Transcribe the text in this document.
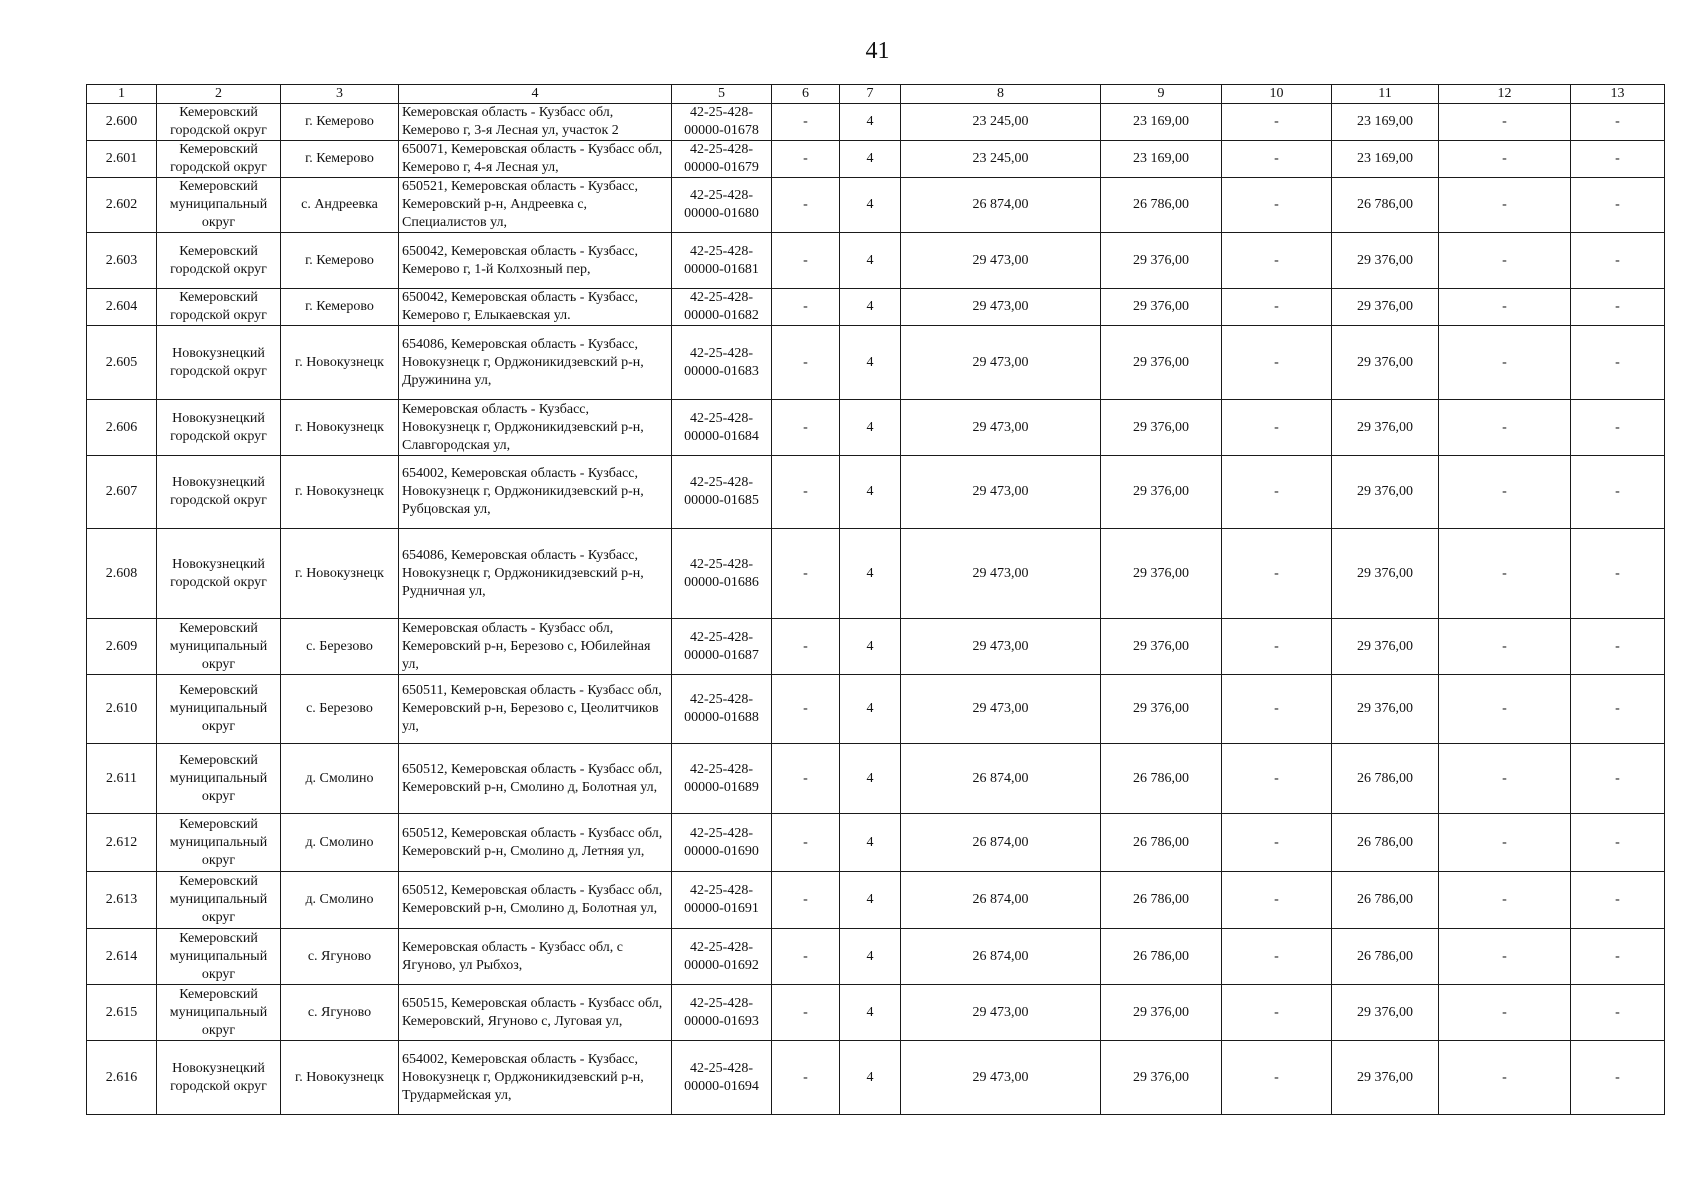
41
1	2	3	4	5	6	7	8	9	10	11	12	13
2.600	Кемеровский городской округ	г. Кемерово	Кемеровская область - Кузбасс обл, Кемерово г, 3-я Лесная ул, участок 2	42-25-428-00000-01678	-	4	23 245,00	23 169,00	-	23 169,00	-	-
2.601	Кемеровский городской округ	г. Кемерово	650071, Кемеровская область - Кузбасс обл, Кемерово г, 4-я Лесная ул,	42-25-428-00000-01679	-	4	23 245,00	23 169,00	-	23 169,00	-	-
2.602	Кемеровский муниципальный округ	с. Андреевка	650521, Кемеровская область - Кузбасс, Кемеровский р-н, Андреевка с, Специалистов ул,	42-25-428-00000-01680	-	4	26 874,00	26 786,00	-	26 786,00	-	-
2.603	Кемеровский городской округ	г. Кемерово	650042, Кемеровская область - Кузбасс, Кемерово г, 1-й Колхозный пер,	42-25-428-00000-01681	-	4	29 473,00	29 376,00	-	29 376,00	-	-
2.604	Кемеровский городской округ	г. Кемерово	650042, Кемеровская область - Кузбасс, Кемерово г, Елыкаевская ул.	42-25-428-00000-01682	-	4	29 473,00	29 376,00	-	29 376,00	-	-
2.605	Новокузнецкий городской округ	г. Новокузнецк	654086, Кемеровская область - Кузбасс, Новокузнецк г, Орджоникидзевский р-н, Дружинина ул,	42-25-428-00000-01683	-	4	29 473,00	29 376,00	-	29 376,00	-	-
2.606	Новокузнецкий городской округ	г. Новокузнецк	Кемеровская область - Кузбасс, Новокузнецк г, Орджоникидзевский р-н, Славгородская ул,	42-25-428-00000-01684	-	4	29 473,00	29 376,00	-	29 376,00	-	-
2.607	Новокузнецкий городской округ	г. Новокузнецк	654002, Кемеровская область - Кузбасс, Новокузнецк г, Орджоникидзевский р-н, Рубцовская ул,	42-25-428-00000-01685	-	4	29 473,00	29 376,00	-	29 376,00	-	-
2.608	Новокузнецкий городской округ	г. Новокузнецк	654086, Кемеровская область - Кузбасс, Новокузнецк г, Орджоникидзевский р-н, Рудничная ул,	42-25-428-00000-01686	-	4	29 473,00	29 376,00	-	29 376,00	-	-
2.609	Кемеровский муниципальный округ	с. Березово	Кемеровская область - Кузбасс обл, Кемеровский р-н, Березово с, Юбилейная ул,	42-25-428-00000-01687	-	4	29 473,00	29 376,00	-	29 376,00	-	-
2.610	Кемеровский муниципальный округ	с. Березово	650511, Кемеровская область - Кузбасс обл, Кемеровский р-н, Березово с, Цеолитчиков ул,	42-25-428-00000-01688	-	4	29 473,00	29 376,00	-	29 376,00	-	-
2.611	Кемеровский муниципальный округ	д. Смолино	650512, Кемеровская область - Кузбасс обл, Кемеровский р-н, Смолино д, Болотная ул,	42-25-428-00000-01689	-	4	26 874,00	26 786,00	-	26 786,00	-	-
2.612	Кемеровский муниципальный округ	д. Смолино	650512, Кемеровская область - Кузбасс обл, Кемеровский р-н, Смолино д, Летняя ул,	42-25-428-00000-01690	-	4	26 874,00	26 786,00	-	26 786,00	-	-
2.613	Кемеровский муниципальный округ	д. Смолино	650512, Кемеровская область - Кузбасс обл, Кемеровский р-н, Смолино д, Болотная ул,	42-25-428-00000-01691	-	4	26 874,00	26 786,00	-	26 786,00	-	-
2.614	Кемеровский муниципальный округ	с. Ягуново	Кемеровская область - Кузбасс обл, с Ягуново, ул Рыбхоз,	42-25-428-00000-01692	-	4	26 874,00	26 786,00	-	26 786,00	-	-
2.615	Кемеровский муниципальный округ	с. Ягуново	650515, Кемеровская область - Кузбасс обл, Кемеровский, Ягуново с, Луговая ул,	42-25-428-00000-01693	-	4	29 473,00	29 376,00	-	29 376,00	-	-
2.616	Новокузнецкий городской округ	г. Новокузнецк	654002, Кемеровская область - Кузбасс, Новокузнецк г, Орджоникидзевский р-н, Трудармейская ул,	42-25-428-00000-01694	-	4	29 473,00	29 376,00	-	29 376,00	-	-
